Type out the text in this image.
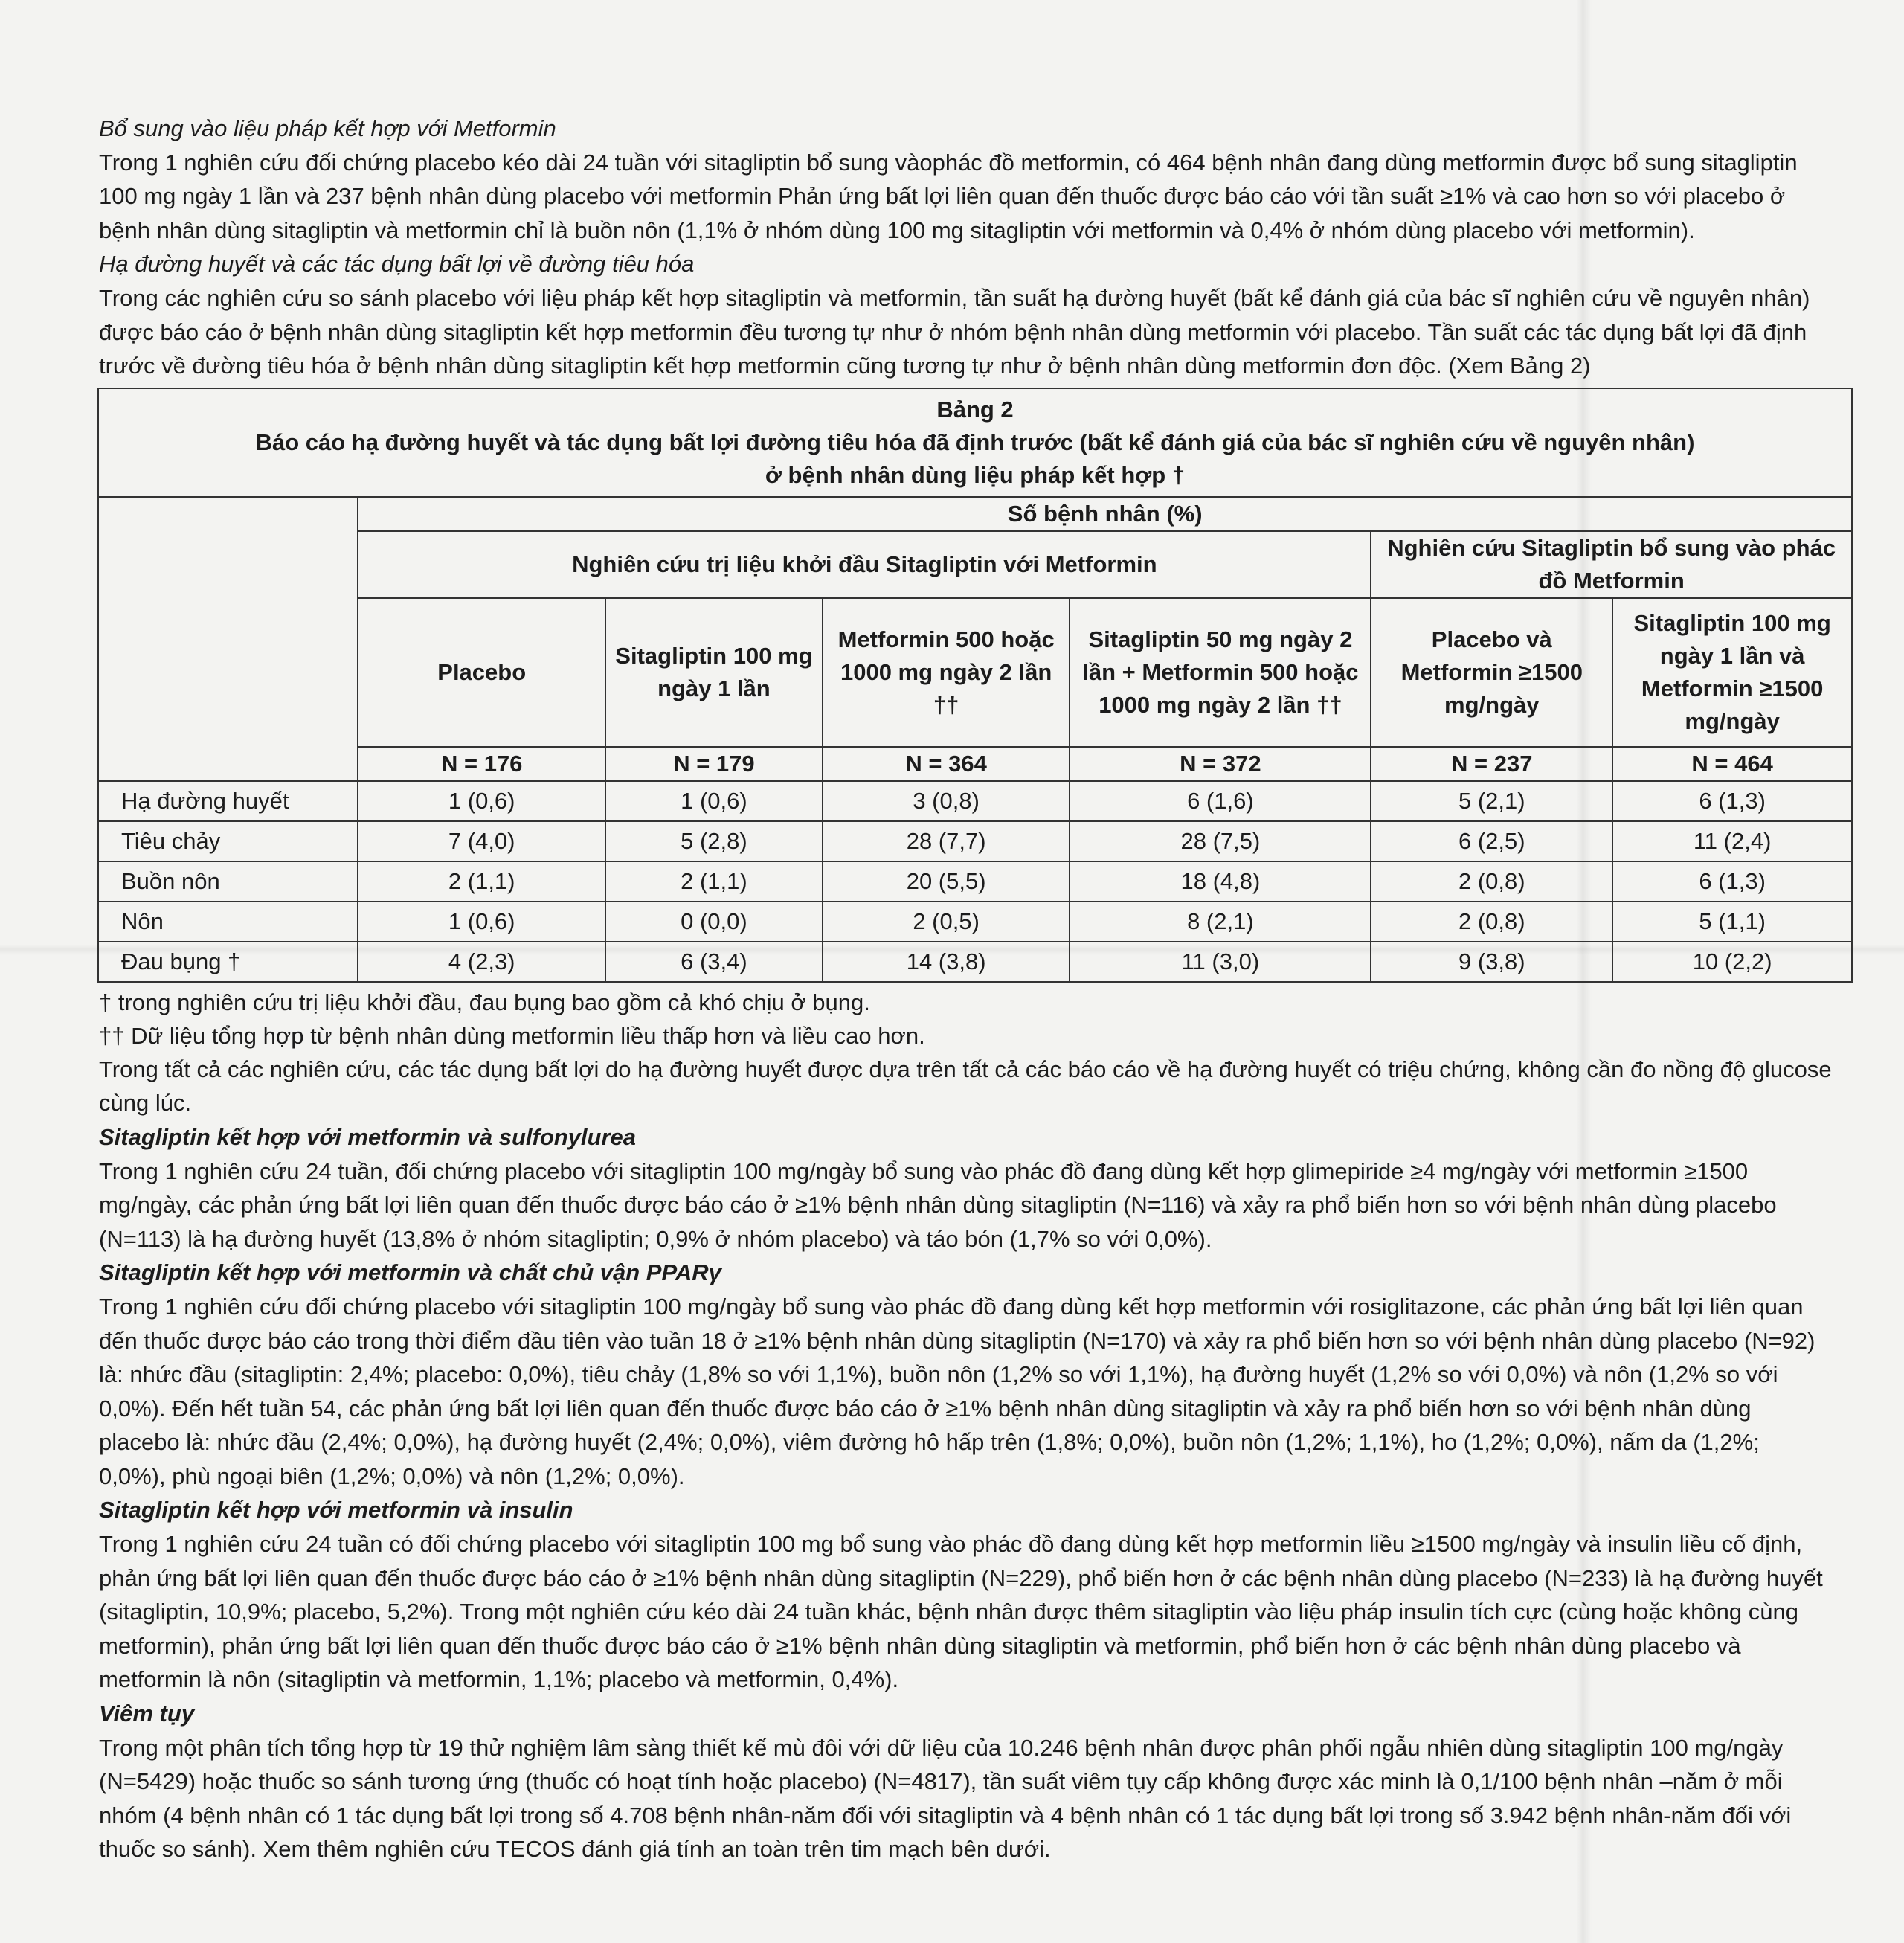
Bổ sung vào liệu pháp kết hợp với Metformin

Trong 1 nghiên cứu đối chứng placebo kéo dài 24 tuần với sitagliptin bổ sung vàophác đồ metformin, có 464 bệnh nhân đang dùng metformin được bổ sung sitagliptin 100 mg ngày 1 lần và 237 bệnh nhân dùng placebo với metformin Phản ứng bất lợi liên quan đến thuốc được báo cáo với tần suất ≥1% và cao hơn so với placebo ở bệnh nhân dùng sitagliptin và metformin chỉ là buồn nôn (1,1% ở nhóm dùng 100 mg sitagliptin với metformin và 0,4% ở nhóm dùng placebo với metformin).

Hạ đường huyết và các tác dụng bất lợi về đường tiêu hóa

Trong các nghiên cứu so sánh placebo với liệu pháp kết hợp sitagliptin và metformin, tần suất hạ đường huyết (bất kể đánh giá của bác sĩ nghiên cứu về nguyên nhân) được báo cáo ở bệnh nhân dùng sitagliptin kết hợp metformin đều tương tự như ở nhóm bệnh nhân dùng metformin với placebo. Tần suất các tác dụng bất lợi đã định trước về đường tiêu hóa ở bệnh nhân dùng sitagliptin kết hợp metformin cũng tương tự như ở bệnh nhân dùng metformin đơn độc. (Xem Bảng 2)

Bảng 2
Báo cáo hạ đường huyết và tác dụng bất lợi đường tiêu hóa đã định trước (bất kể đánh giá của bác sĩ nghiên cứu về nguyên nhân)
ở bệnh nhân dùng liệu pháp kết hợp †						

	Số bệnh nhân (%)					
	Nghiên cứu trị liệu khởi đầu Sitagliptin với Metformin				Nghiên cứu Sitagliptin bổ sung vào phác đồ Metformin	
	Placebo	Sitagliptin 100 mg ngày 1 lần	Metformin 500 hoặc 1000 mg ngày 2 lần ††	Sitagliptin 50 mg ngày 2 lần + Metformin 500 hoặc 1000 mg ngày 2 lần ††	Placebo và Metformin ≥1500 mg/ngày	Sitagliptin 100 mg ngày 1 lần và Metformin ≥1500 mg/ngày
	N = 176	N = 179	N = 364	N = 372	N = 237	N = 464
Hạ đường huyết	1 (0,6)	1 (0,6)	3 (0,8)	6 (1,6)	5 (2,1)	6 (1,3)
Tiêu chảy	7 (4,0)	5 (2,8)	28 (7,7)	28 (7,5)	6 (2,5)	11 (2,4)
Buồn nôn	2 (1,1)	2 (1,1)	20 (5,5)	18 (4,8)	2 (0,8)	6 (1,3)
Nôn	1 (0,6)	0 (0,0)	2 (0,5)	8 (2,1)	2 (0,8)	5 (1,1)
Đau bụng †	4 (2,3)	6 (3,4)	14 (3,8)	11 (3,0)	9 (3,8)	10 (2,2)

† trong nghiên cứu trị liệu khởi đầu, đau bụng bao gồm cả khó chịu ở bụng.

†† Dữ liệu tổng hợp từ bệnh nhân dùng metformin liều thấp hơn và liều cao hơn.

Trong tất cả các nghiên cứu, các tác dụng bất lợi do hạ đường huyết được dựa trên tất cả các báo cáo về hạ đường huyết có triệu chứng, không cần đo nồng độ glucose cùng lúc.

Sitagliptin kết hợp với metformin và sulfonylurea

Trong 1 nghiên cứu 24 tuần, đối chứng placebo với sitagliptin 100 mg/ngày bổ sung vào phác đồ đang dùng kết hợp glimepiride ≥4 mg/ngày với metformin ≥1500 mg/ngày, các phản ứng bất lợi liên quan đến thuốc được báo cáo ở ≥1% bệnh nhân dùng sitagliptin (N=116) và xảy ra phổ biến hơn so với bệnh nhân dùng placebo (N=113) là hạ đường huyết (13,8% ở nhóm sitagliptin; 0,9% ở nhóm placebo) và táo bón (1,7% so với 0,0%).

Sitagliptin kết hợp với metformin và chất chủ vận PPARγ

Trong 1 nghiên cứu đối chứng placebo với sitagliptin 100 mg/ngày bổ sung vào phác đồ đang dùng kết hợp metformin với rosiglitazone, các phản ứng bất lợi liên quan đến thuốc được báo cáo trong thời điểm đầu tiên vào tuần 18 ở ≥1% bệnh nhân dùng sitagliptin (N=170) và xảy ra phổ biến hơn so với bệnh nhân dùng placebo (N=92) là: nhức đầu (sitagliptin: 2,4%; placebo: 0,0%), tiêu chảy (1,8% so với 1,1%), buồn nôn (1,2% so với 1,1%), hạ đường huyết (1,2% so với 0,0%) và nôn (1,2% so với 0,0%). Đến hết tuần 54, các phản ứng bất lợi liên quan đến thuốc được báo cáo ở ≥1% bệnh nhân dùng sitagliptin và xảy ra phổ biến hơn so với bệnh nhân dùng placebo là: nhức đầu (2,4%; 0,0%), hạ đường huyết (2,4%; 0,0%), viêm đường hô hấp trên (1,8%; 0,0%), buồn nôn (1,2%; 1,1%), ho (1,2%; 0,0%), nấm da (1,2%; 0,0%), phù ngoại biên (1,2%; 0,0%) và nôn (1,2%; 0,0%).

Sitagliptin kết hợp với metformin và insulin

Trong 1 nghiên cứu 24 tuần có đối chứng placebo với sitagliptin 100 mg bổ sung vào phác đồ đang dùng kết hợp metformin liều ≥1500 mg/ngày và insulin liều cố định, phản ứng bất lợi liên quan đến thuốc được báo cáo ở ≥1% bệnh nhân dùng sitagliptin (N=229), phổ biến hơn ở các bệnh nhân dùng placebo (N=233) là hạ đường huyết (sitagliptin, 10,9%; placebo, 5,2%). Trong một nghiên cứu kéo dài 24 tuần khác, bệnh nhân được thêm sitagliptin vào liệu pháp insulin tích cực (cùng hoặc không cùng metformin), phản ứng bất lợi liên quan đến thuốc được báo cáo ở ≥1% bệnh nhân dùng sitagliptin và metformin, phổ biến hơn ở các bệnh nhân dùng placebo và metformin là nôn (sitagliptin và metformin, 1,1%; placebo và metformin, 0,4%).

Viêm tụy

Trong một phân tích tổng hợp từ 19 thử nghiệm lâm sàng thiết kế mù đôi với dữ liệu của 10.246 bệnh nhân được phân phối ngẫu nhiên dùng sitagliptin 100 mg/ngày (N=5429) hoặc thuốc so sánh tương ứng (thuốc có hoạt tính hoặc placebo) (N=4817), tần suất viêm tụy cấp không được xác minh là 0,1/100 bệnh nhân –năm ở mỗi nhóm (4 bệnh nhân có 1 tác dụng bất lợi trong số 4.708 bệnh nhân-năm đối với sitagliptin và 4 bệnh nhân có 1 tác dụng bất lợi trong số 3.942 bệnh nhân-năm đối với thuốc so sánh). Xem thêm nghiên cứu TECOS đánh giá tính an toàn trên tim mạch bên dưới.
